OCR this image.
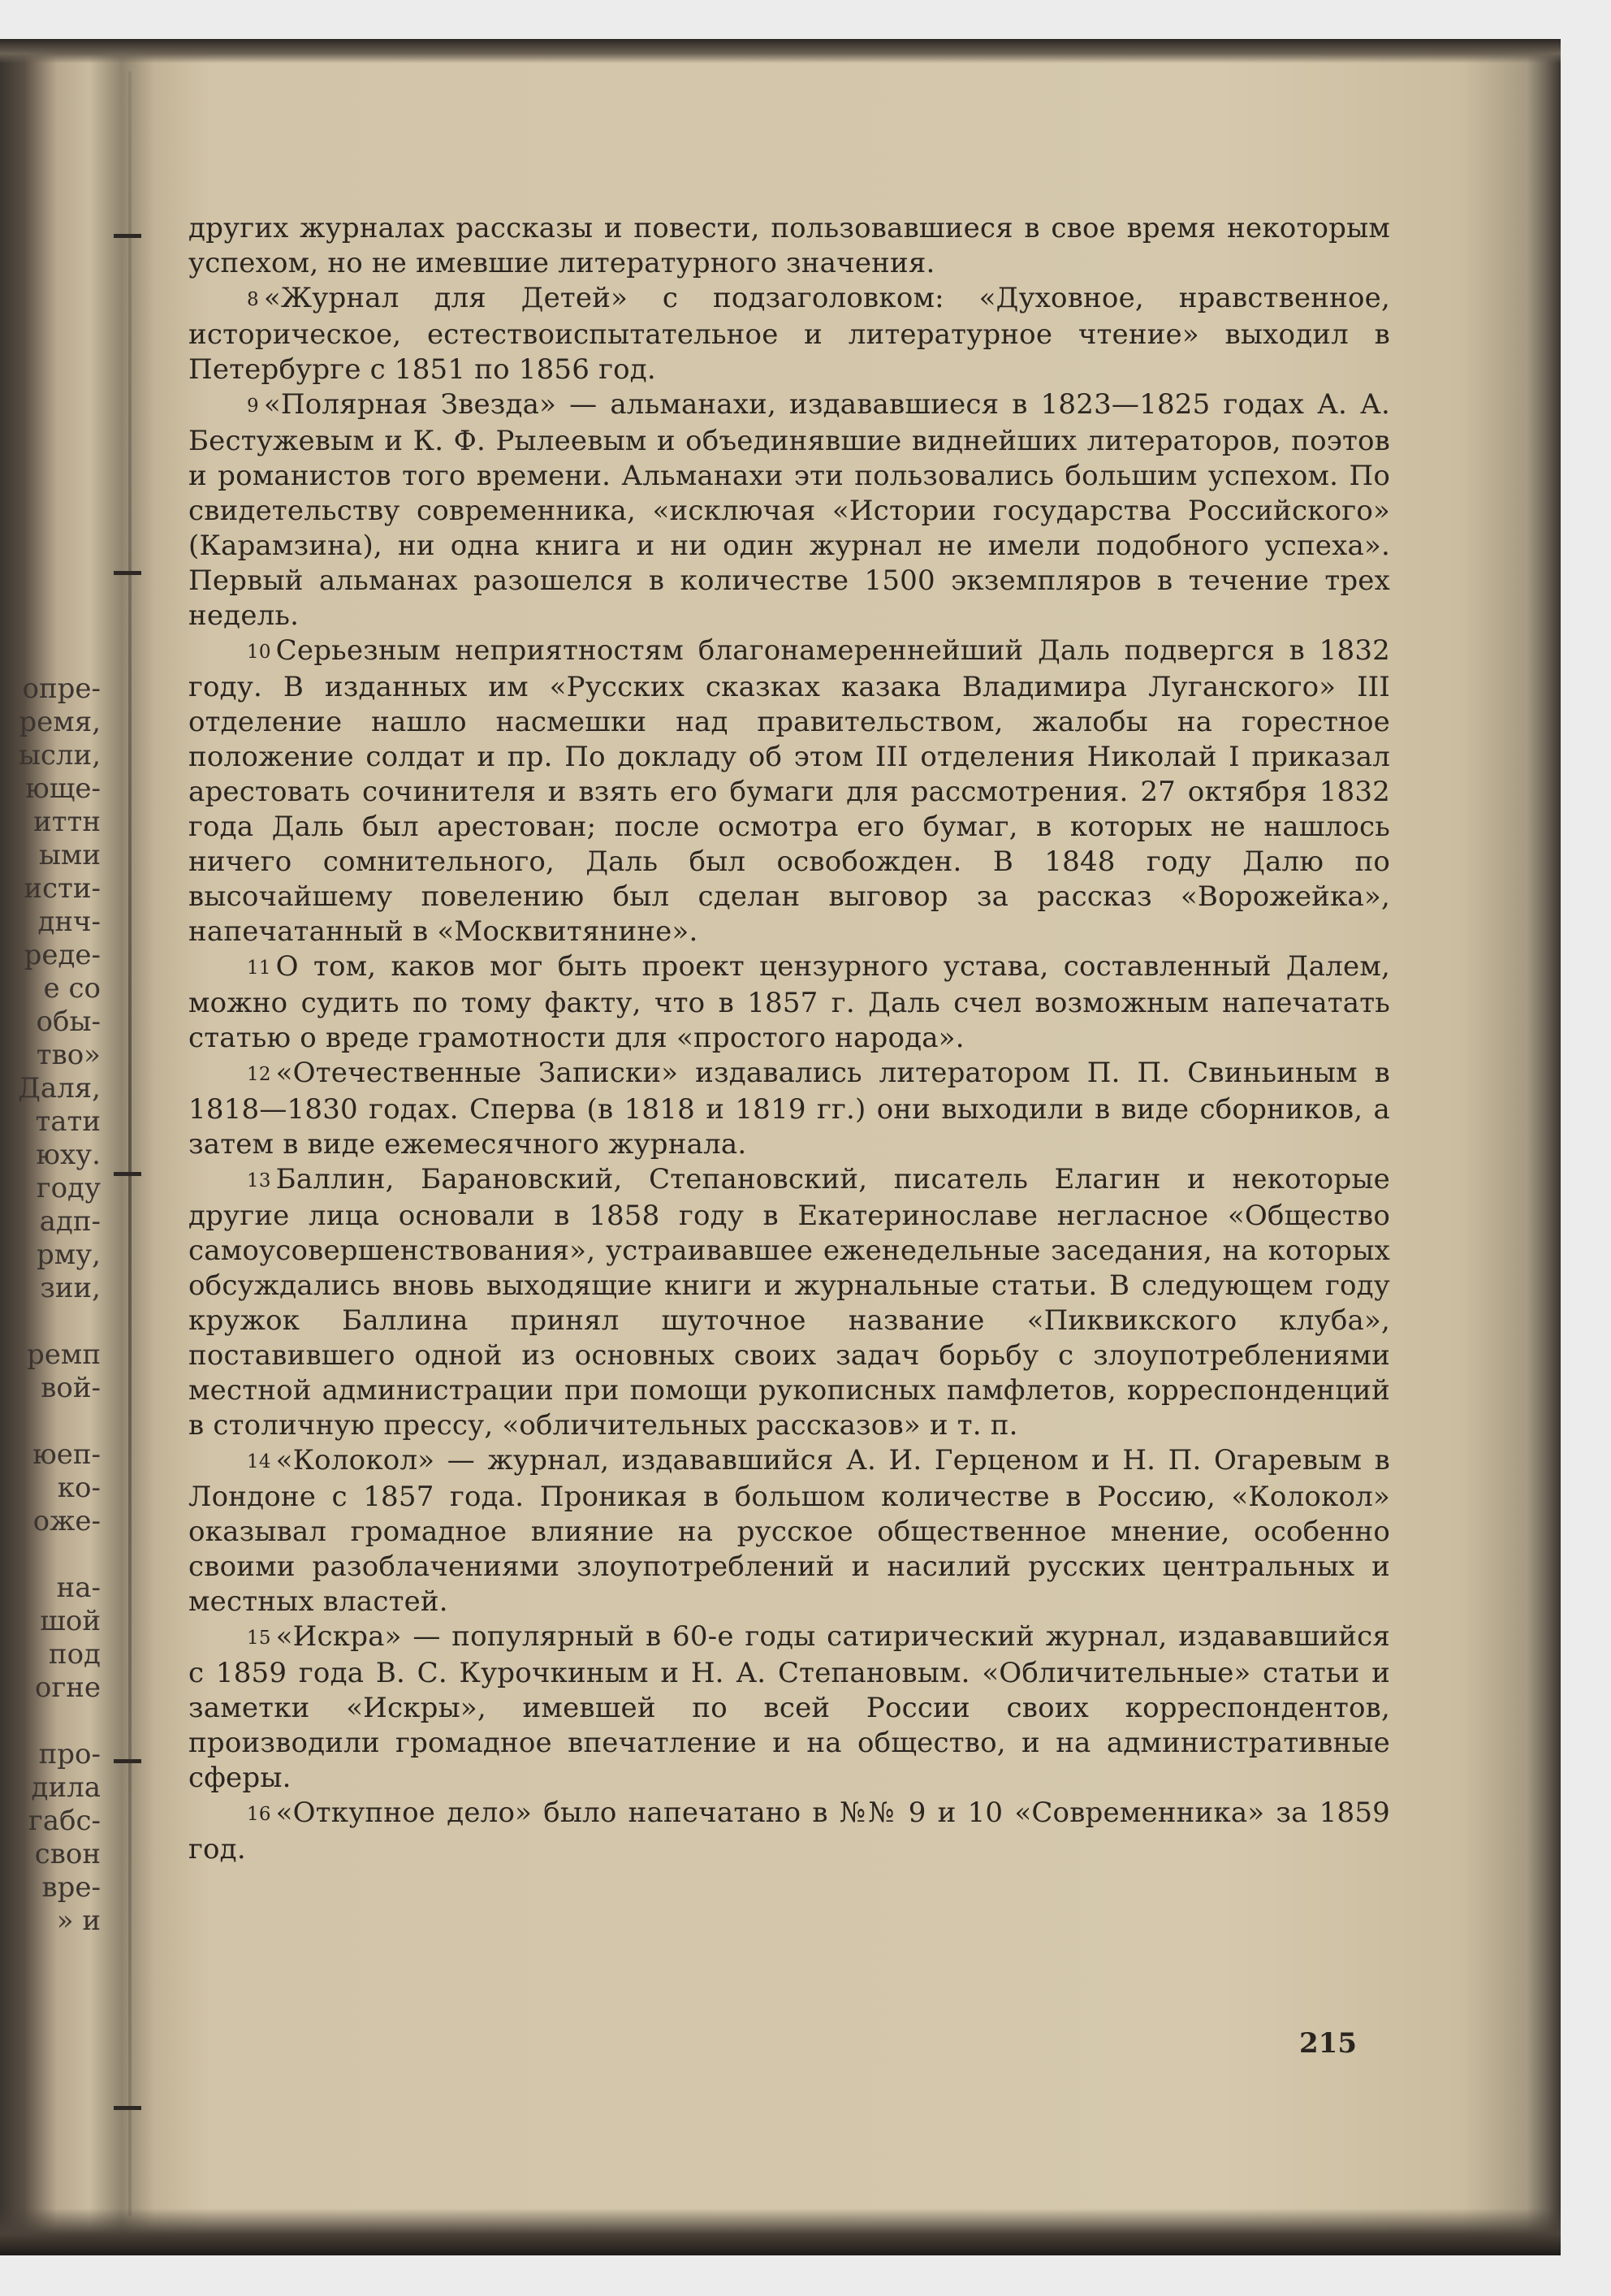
опре-
ремя,
ысли,
юще-
иттн
ыми
исти-
днч-
реде-
е со
обы-
тво»
Даля,
тати
юху.
году
адп-
рму,
зии,
ремп
вой-
юеп-
ко-
оже-
на-
шой
под
огне
про-
дила
габс-
свон
вре-
» и

других журналах рассказы и повести, пользовавшиеся в свое время некоторым успехом, но не имевшие литературного значения.

8 «Журнал для Детей» с подзаголовком: «Духовное, нравственное, историческое, естествоиспытательное и литературное чтение» выходил в Петербурге с 1851 по 1856 год.

9 «Полярная Звезда» — альманахи, издававшиеся в 1823—1825 годах А. А. Бестужевым и К. Ф. Рылеевым и объединявшие виднейших литераторов, поэтов и романистов того времени. Альманахи эти пользовались большим успехом. По свидетельству современника, «исключая «Истории государства Российского» (Карамзина), ни одна книга и ни один журнал не имели подобного успеха». Первый альманах разошелся в количестве 1500 экземпляров в течение трех недель.

10 Серьезным неприятностям благонамереннейший Даль подвергся в 1832 году. В изданных им «Русских сказках казака Владимира Луганского» III отделение нашло насмешки над правительством, жалобы на горестное положение солдат и пр. По докладу об этом III отделения Николай I приказал арестовать сочинителя и взять его бумаги для рассмотрения. 27 октября 1832 года Даль был арестован; после осмотра его бумаг, в которых не нашлось ничего сомнительного, Даль был освобожден. В 1848 году Далю по высочайшему повелению был сделан выговор за рассказ «Ворожейка», напечатанный в «Москвитянине».

11 О том, каков мог быть проект цензурного устава, составленный Далем, можно судить по тому факту, что в 1857 г. Даль счел возможным напечатать статью о вреде грамотности для «простого народа».

12 «Отечественные Записки» издавались литератором П. П. Свиньиным в 1818—1830 годах. Сперва (в 1818 и 1819 гг.) они выходили в виде сборников, а затем в виде ежемесячного журнала.

13 Баллин, Барановский, Степановский, писатель Елагин и некоторые другие лица основали в 1858 году в Екатеринославе негласное «Общество самоусовершенствования», устраивавшее еженедельные заседания, на которых обсуждались вновь выходящие книги и журнальные статьи. В следующем году кружок Баллина принял шуточное название «Пиквикского клуба», поставившего одной из основных своих задач борьбу с злоупотреблениями местной администрации при помощи рукописных памфлетов, корреспонденций в столичную прессу, «обличительных рассказов» и т. п.

14 «Колокол» — журнал, издававшийся А. И. Герценом и Н. П. Огаревым в Лондоне с 1857 года. Проникая в большом количестве в Россию, «Колокол» оказывал громадное влияние на русское общественное мнение, особенно своими разоблачениями злоупотреблений и насилий русских центральных и местных властей.

15 «Искра» — популярный в 60-е годы сатирический журнал, издававшийся с 1859 года В. С. Курочкиным и Н. А. Степановым. «Обличительные» статьи и заметки «Искры», имевшей по всей России своих корреспондентов, производили громадное впечатление и на общество, и на административные сферы.

16 «Откупное дело» было напечатано в №№ 9 и 10 «Современника» за 1859 год.

215
